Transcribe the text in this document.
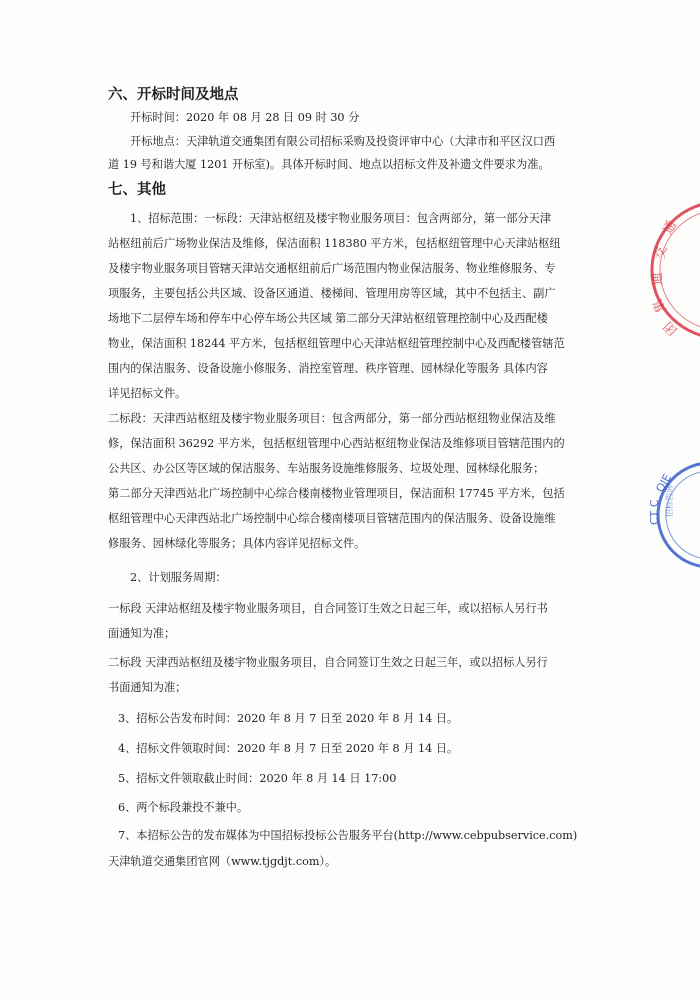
六、开标时间及地点
开标时间：2020 年 08 月 28 日 09 时 30 分
开标地点：天津轨道交通集团有限公司招标采购及投资评审中心（大津市和平区汉口西
道 19 号和谐大厦 1201 开标室)。具体开标时间、地点以招标文件及补遗文件要求为准。
七、其他
1、招标范围：一标段：天津站枢纽及楼宇物业服务项目：包含两部分，第一部分天津
站枢纽前后广场物业保洁及维修，保洁面积 118380 平方米，包括枢纽管理中心天津站枢纽
及楼宇物业服务项目管辖天津站交通枢纽前后广场范围内物业保洁服务、物业维修服务、专
项服务，主要包括公共区域、设备区通道、楼梯间、管理用房等区域，其中不包括主、副广
场地下二层停车场和停车中心停车场公共区域 第二部分天津站枢纽管理控制中心及西配楼
物业，保洁面积 18244 平方米，包括枢纽管理中心天津站枢纽管理控制中心及西配楼管辖范
围内的保洁服务、设备设施小修服务、消控室管理、秩序管理、园林绿化等服务 具体内容
详见招标文件。
二标段：天津西站枢纽及楼宇物业服务项目：包含两部分，第一部分西站枢纽物业保洁及维
修，保洁面积 36292 平方米，包括枢纽管理中心西站枢纽物业保洁及维修项目管辖范围内的
公共区、办公区等区域的保洁服务、车站服务设施维修服务、垃圾处理、园林绿化服务；
第二部分天津西站北广场控制中心综合楼南楼物业管理项目，保洁面积 17745 平方米，包括
枢纽管理中心天津西站北广场控制中心综合楼南楼项目管辖范围内的保洁服务、设备设施维
修服务、园林绿化等服务；具体内容详见招标文件。
2、计划服务周期：
一标段 天津站枢纽及楼宇物业服务项目，自合同签订生效之日起三年，或以招标人另行书
面通知为准；
二标段 天津西站枢纽及楼宇物业服务项目，自合同签订生效之日起三年，或以招标人另行
书面通知为准；
3、招标公告发布时间：2020 年 8 月 7 日至 2020 年 8 月 14 日。
4、招标文件领取时间：2020 年 8 月 7 日至 2020 年 8 月 14 日。
5、招标文件领取截止时间：2020 年 8 月 14 日 17:00
6、两个标段兼投不兼中。
7、本招标公告的发布媒体为中国招标投标公告服务平台(http://www.cebpubservice.com)
天津轨道交通集团官网（www.tjgdjt.com）。
通
交
通
集
团
OJE
CT C 招标咨询
